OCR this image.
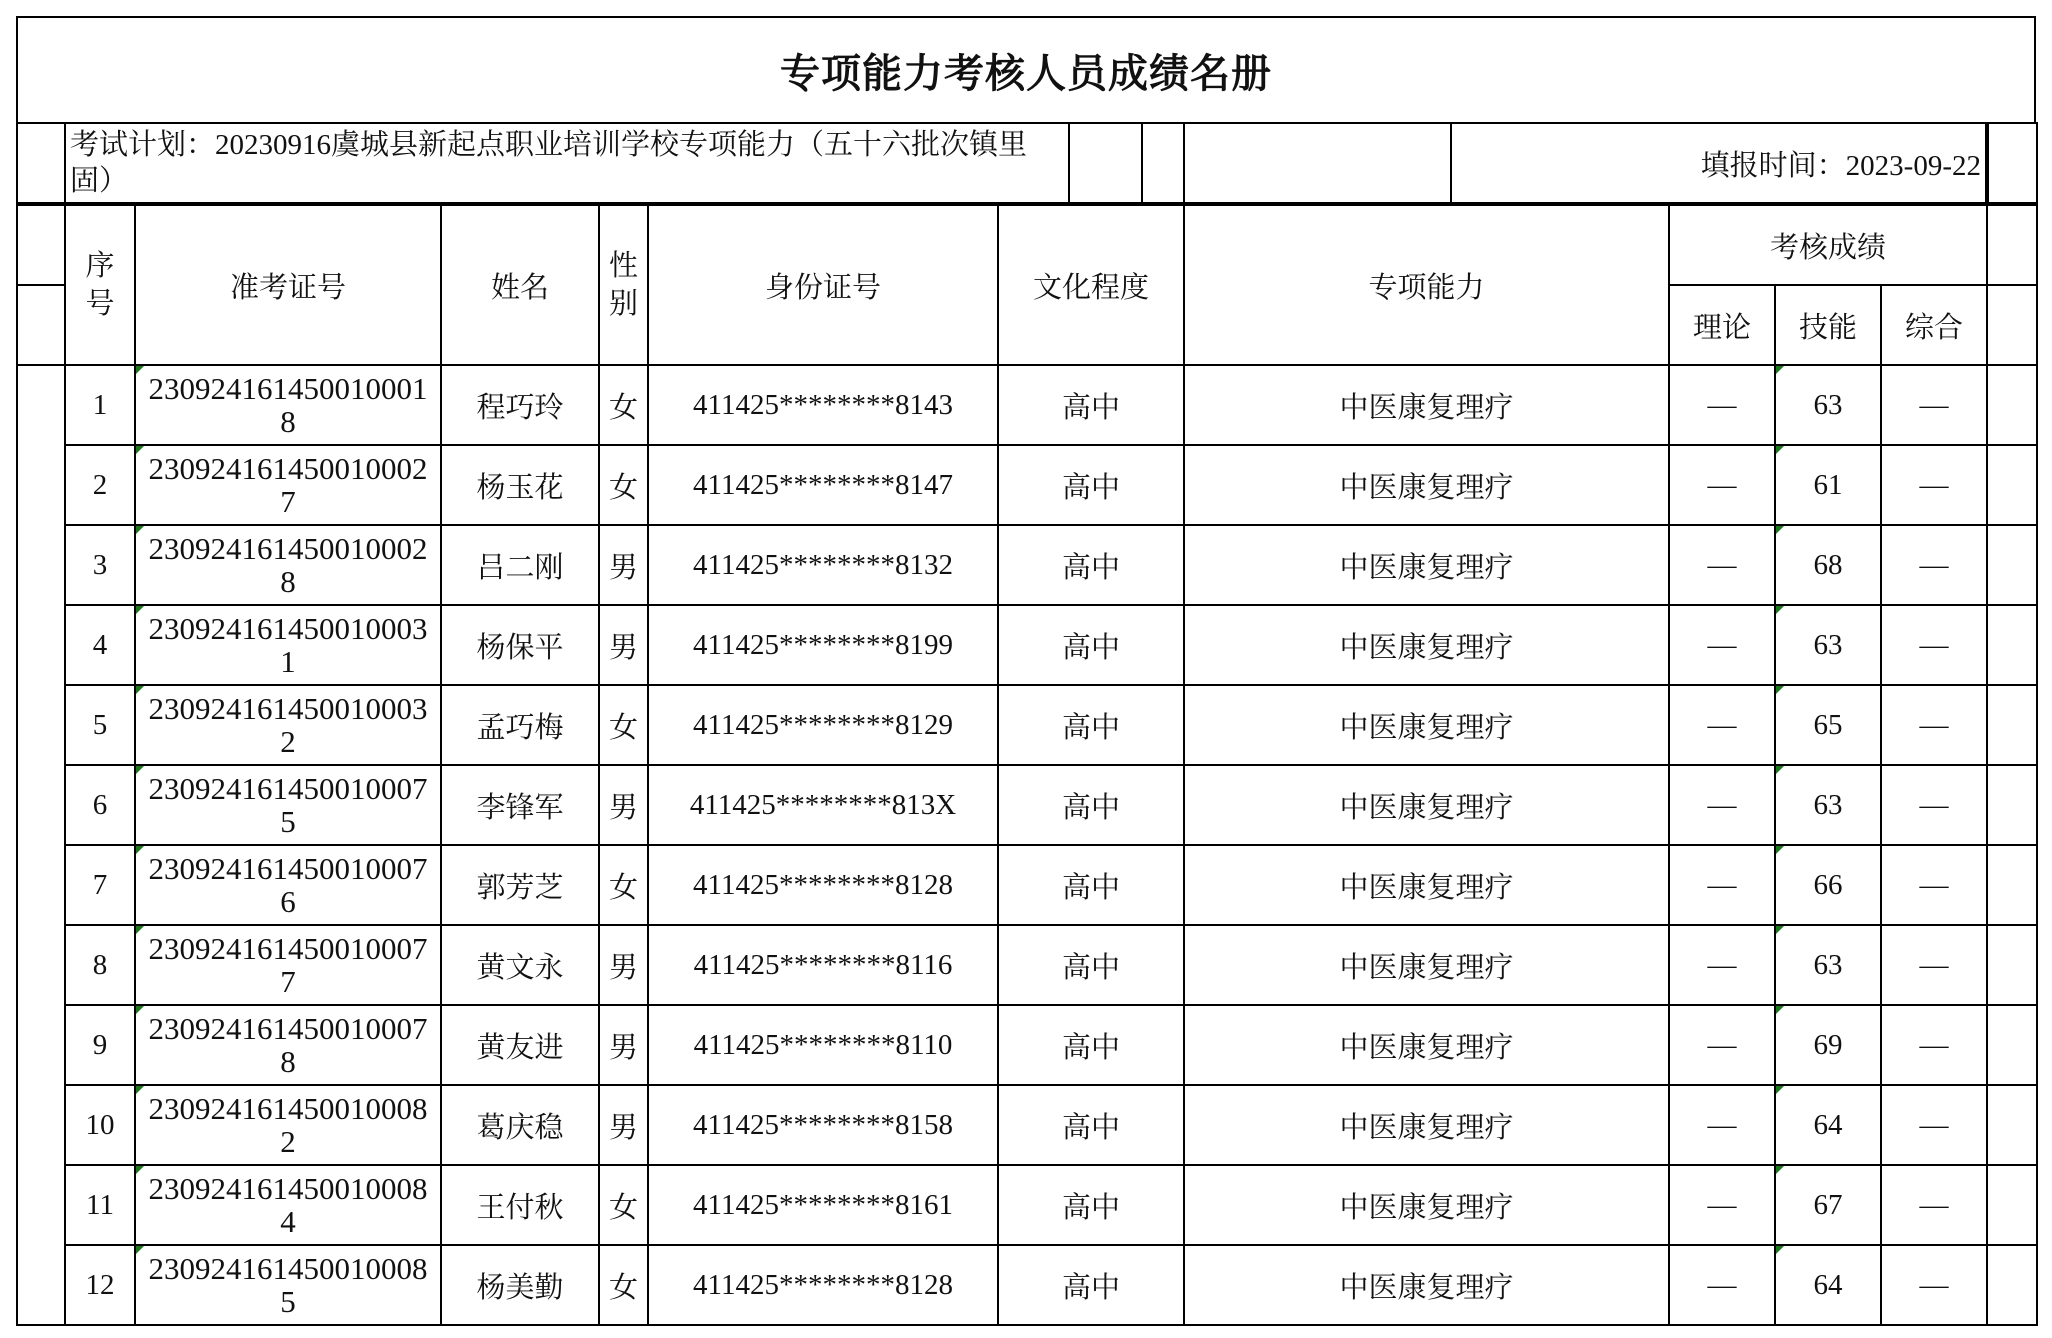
专项能力考核人员成绩名册
	考试计划：20230916虞城县新起点职业培训学校专项能力（五十六批次镇里固）				填报时间：2023-09-22	
	序号	准考证号	姓名	性别	身份证号	文化程度	专项能力	考核成绩			
								理论	技能	综合	
	1	2309241614500100018	程巧玲	女	411425********8143	高中	中医康复理疗	—	63	—	
	2	2309241614500100027	杨玉花	女	411425********8147	高中	中医康复理疗	—	61	—	
	3	2309241614500100028	吕二刚	男	411425********8132	高中	中医康复理疗	—	68	—	
	4	2309241614500100031	杨保平	男	411425********8199	高中	中医康复理疗	—	63	—	
	5	2309241614500100032	孟巧梅	女	411425********8129	高中	中医康复理疗	—	65	—	
	6	2309241614500100075	李锋军	男	411425********813X	高中	中医康复理疗	—	63	—	
	7	2309241614500100076	郭芳芝	女	411425********8128	高中	中医康复理疗	—	66	—	
	8	2309241614500100077	黄文永	男	411425********8116	高中	中医康复理疗	—	63	—	
	9	2309241614500100078	黄友进	男	411425********8110	高中	中医康复理疗	—	69	—	
	10	2309241614500100082	葛庆稳	男	411425********8158	高中	中医康复理疗	—	64	—	
	11	2309241614500100084	王付秋	女	411425********8161	高中	中医康复理疗	—	67	—	
	12	2309241614500100085	杨美勤	女	411425********8128	高中	中医康复理疗	—	64	—	
